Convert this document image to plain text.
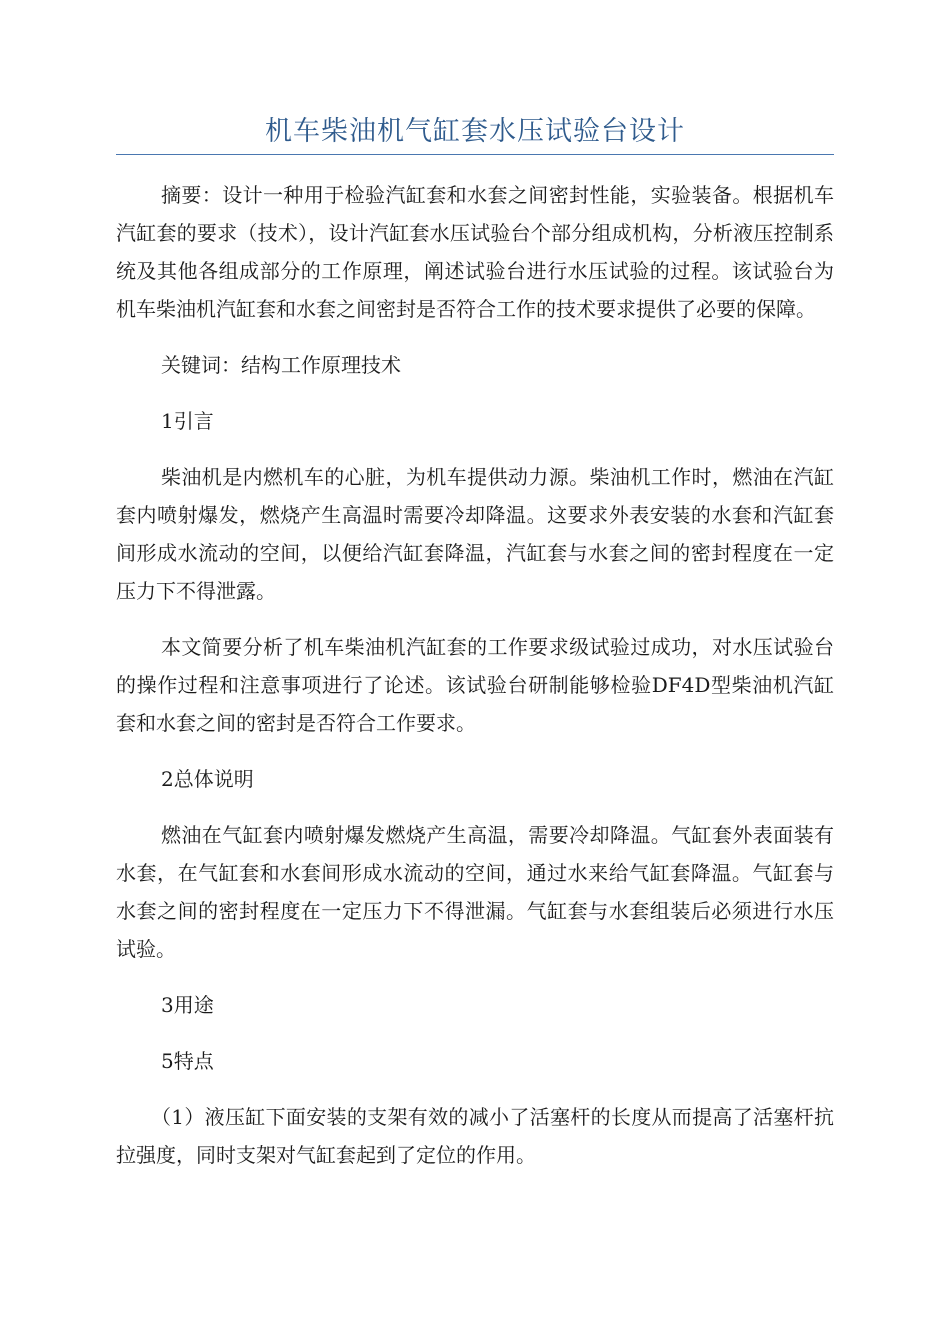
机车柴油机气缸套水压试验台设计

摘要：设计一种用于检验汽缸套和水套之间密封性能，实验装备。根据机车汽缸套的要求（技术），设计汽缸套水压试验台个部分组成机构，分析液压控制系统及其他各组成部分的工作原理，阐述试验台进行水压试验的过程。该试验台为机车柴油机汽缸套和水套之间密封是否符合工作的技术要求提供了必要的保障。

关键词：结构工作原理技术

1引言

柴油机是内燃机车的心脏，为机车提供动力源。柴油机工作时，燃油在汽缸套内喷射爆发，燃烧产生高温时需要冷却降温。这要求外表安装的水套和汽缸套间形成水流动的空间，以便给汽缸套降温，汽缸套与水套之间的密封程度在一定压力下不得泄露。

本文简要分析了机车柴油机汽缸套的工作要求级试验过成功，对水压试验台的操作过程和注意事项进行了论述。该试验台研制能够检验DF4D型柴油机汽缸套和水套之间的密封是否符合工作要求。

2总体说明

燃油在气缸套内喷射爆发燃烧产生高温，需要冷却降温。气缸套外表面装有水套，在气缸套和水套间形成水流动的空间，通过水来给气缸套降温。气缸套与水套之间的密封程度在一定压力下不得泄漏。气缸套与水套组装后必须进行水压试验。

3用途

5特点

（1）液压缸下面安装的支架有效的减小了活塞杆的长度从而提高了活塞杆抗拉强度，同时支架对气缸套起到了定位的作用。
